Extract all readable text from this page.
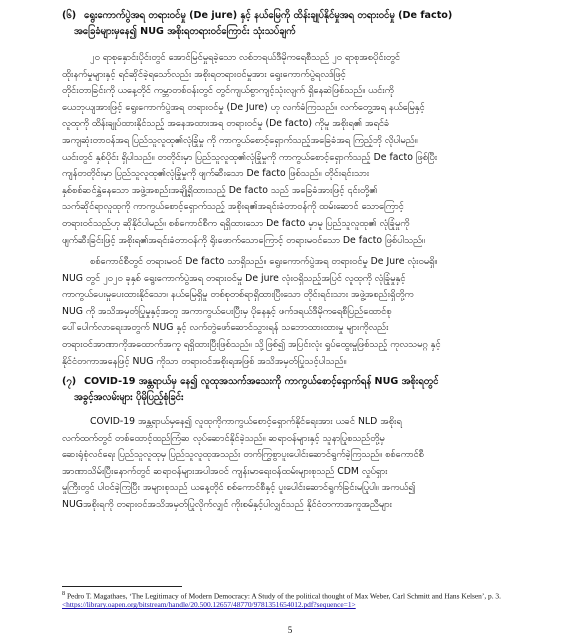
(၆) ရွေးကောက်ပွဲအရ တရားဝင်မှု (De jure) နှင့် နယ်မြေကို ထိန်းချုပ်နိုင်မှုအရ တရားဝင်မှု (De facto)
အခြေခံများမှနေ၍ NUG အစိုးရတရား၀င်ကြောင်း သုံးသပ်ချက်
၂၀ ရာစုနှောင်းပိုင်းတွင် အောင်မြင်မှုရခဲ့သော လစ်ဘရယ်ဒီမိုကရေစီသည် ၂၀ ရာစုအစပိုင်းတွင်
ထိုးနက်မှုများနှင့် ရင်ဆိုင်ခဲ့ရသော်လည်း အစိုးရတရား၀င်မှုအား ရွေးကောက်ပွဲရလဒ်ဖြင့်
တိုင်းတာခြင်းကို ယနေ့တိုင် ကမ္ဘာတစ်ဝန်းတွင် တွင်ကျယ်စွာကျင့်သုံးလျက် ရှိနေဆဲဖြစ်သည်။ ယင်းကို
ယေဘုယျအားဖြင့် ရွေးကောက်ပွဲအရ တရားဝင်မှု (De Jure) ဟု လက်ခံကြသည်။ လက်တွေ့အရ နယ်မြေနှင့်
လူထုကို ထိန်းချုပ်ထားနိုင်သည့် အနေအထားအရ တရား၀င်မှု (De facto) ကိုမူ အစိုးရ၏ အရင်ခံ
အကျဆုံးတာဝန်အရ ပြည်သူလူထု၏လုံခြုံမှု ကို ကာကွယ်စောင့်ရှောက်သည့်အခြေခံအရ ကြည့်ဘို လိုပါမည်။
ယင်းတွင် နှစ်ပိုင်း ရှိပါသည်။ တတိုင်းမှာ ပြည်သူလူထု၏လုံခြုံမှုကို ကာကွယ်စောင့်ရှောက်သည့် De facto ဖြစ်ပြီး
ကျန်တတိုင်းမှာ ပြည်သူလူထု၏လုံခြုံမှုကို ဖျက်ဆီးသော De facto ဖြစ်သည်။ တိုင်းရင်းသား
နှစ်စစ်ဆင်နွှဲနေသော အဖွဲ့အစည်းအချို့ရှိထားသည့် De facto သည် အခြေခံအားဖြင့် ၎င်းတို့၏
သက်ဆိုင်ရာလူထုကို ကာကွယ်စောင့်ရှောက်သည့် အစိုးရ၏အရင်းခံတာဝန်ကို ထမ်းဆောင် သောကြောင့်
တရားဝင်သည်ဟု ဆိုနိုင်ပါမည်။ စစ်ကောင်စီက ရရှိထားသော De facto မှာမူ ပြည်သူလူထု၏ လုံခြုံမှုကို
ဖျက်ဆီးခြင်းဖြင့် အစိုးရ၏အရင်းခံတာဝန်ကို ရိုးဖောက်သောကြောင့် တရားမ၀င်သော De facto ဖြစ်ပါသည်။
စစ်ကောင်စီတွင် တရားမဝင် De facto သာရှိသည်။ ရွေးကောက်ပွဲအရ တရားဝင်မှု De Jure လုံးဝမရှိ။
NUG တွင် ၂၀၂၀ ခုနှစ် ရွေးကောက်ပွဲအရ တရားဝင်မှု De jure လုံးဝရှိသည့်အပြင် လူထုကို လုံခြုံမှုနှင့်
ကာကွယ်ပေးမှုပေးထားနိုင်သော၊ နယ်မြေရှိမှု တစ်စုတစ်ရာရှိထားပြီးသော တိုင်းရင်းသား အဖွဲ့အစည်းရှိတို့က
NUG ကို အသိအမှတ်ပြုမှုနှင့်အတူ အကာကွယ်ပေးပြီးမှ ပိုနေနှင့် ဖက်ဒရယ်ဒီမိုကရေစီပြည်ထောင်စု
ပေါ်ပေါက်လာရေးအတွက် NUG နှင့် လက်တွဲဖော်ဆောင်သွားရန် သဘောထားထားမှု များကိုလည်း
တရားဝင်အာဏာကိုအထောက်အကူ ရရှိထားပြီးဖြစ်သည်။ သို့ဖြစ်၍ အပြင်းလုံး ရှုပ်ထွေးမှုဖြစ်သည့် ကုလသမဂ္ဂ နှင့်
နိုင်ငံတကာအနေဖြင့် NUG ကိုသာ တရားဝင်အစိုးရအဖြစ် အသိအမှတ်ပြုသင့်ပါသည်။
(၇) COVID-19 အန္တရာယ်မှ နေ၍ လူထုအသက်အသေးကို ကာကွယ်စောင့်ရှောက်ရန် NUG အစိုးရတွင်
အခွင့်အလမ်းများ ပိုမိုပြည့်စုံခြင်း
COVID-19 အန္တရာယ်မှနေ၍ လူထုကိုကာကွယ်စောင့်ရှောက်နိုင်ရေးအား ယခင် NLD အစိုးရ
လက်ထက်တွင် တစ်ထောင့်ထည်ကြံဆ လုပ်ဆောင်နိုင်ခဲ့သည်။ ဆရာဝန်များနှင့် သူနာပြုစသည်တို့မှ
ဆေးရုံစုံလင်ရေး ပြည်သူလူထုမှ ပြည်သူလူထုအသည်း တက်ကြွစွာပူးပေါင်းဆောင်ရွက်ခဲ့ကြသည်။ စစ်ကောင်စီ
အာဏာသိမ်းပြီးနောက်တွင် ဆရာဝန်များအပါအဝင် ကျန်းမာရေးဝန်ထမ်းများစုသည် CDM လှုပ်ရှား
မှုကြီးတွင် ပါဝင်ခဲ့ကြပြီး အများစုသည် ယနေ့တိုင် စစ်ကောင်စီနှင့် ပူးပေါင်းဆောင်ရွက်ခြင်းမပြုပါ။ အကယ်၍
NUGအစိုးရကို တရားဝင်အသိအမှတ်ပြုလိုက်လျှင် ကိုးစမ်နှင့်ပါလျှင်သည် နိုင်ငံတကာအကူအညီများ
$^8$ Pedro T. Magathaes, ‘The Legitimacy of Modern Democracy: A Study of the political thought of Max Weber, Carl Schmitt and Hans Kelsen’, p. 3.
<https://library.oapen.org/bitstream/handle/20.500.12657/48770/9781351654012.pdf?sequence=1>
5
